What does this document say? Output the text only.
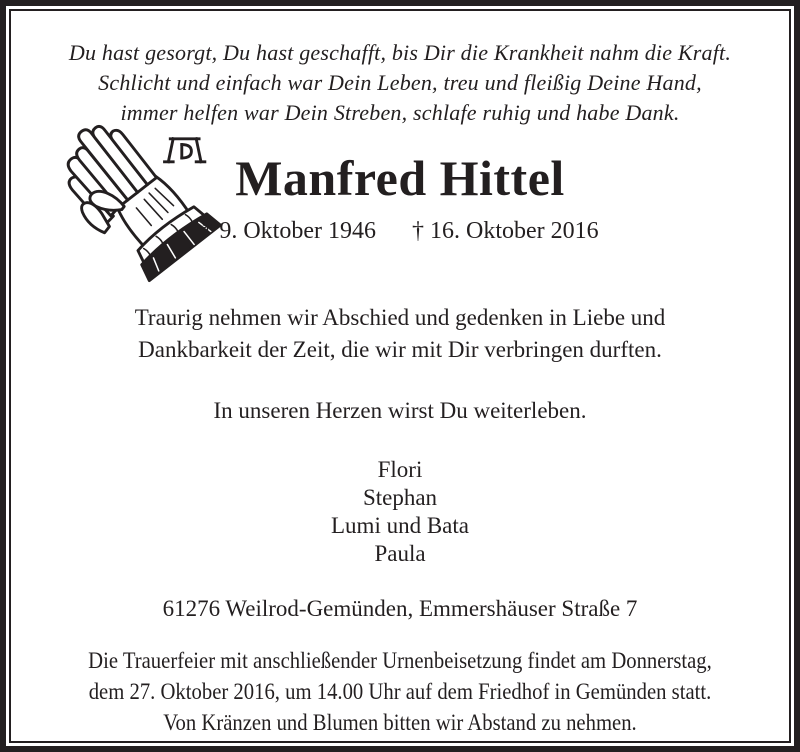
Du hast gesorgt, Du hast geschafft, bis Dir die Krankheit nahm die Kraft.
Schlicht und einfach war Dein Leben, treu und fleißig Deine Hand,
immer helfen war Dein Streben, schlafe ruhig und habe Dank.
Manfred Hittel
* 9. Oktober 1946 † 16. Oktober 2016
Traurig nehmen wir Abschied und gedenken in Liebe und
Dankbarkeit der Zeit, die wir mit Dir verbringen durften.
In unseren Herzen wirst Du weiterleben.
Flori
Stephan
Lumi und Bata
Paula
61276 Weilrod-Gemünden, Emmershäuser Straße 7
Die Trauerfeier mit anschließender Urnenbeisetzung findet am Donnerstag,
dem 27. Oktober 2016, um 14.00 Uhr auf dem Friedhof in Gemünden statt.
Von Kränzen und Blumen bitten wir Abstand zu nehmen.
